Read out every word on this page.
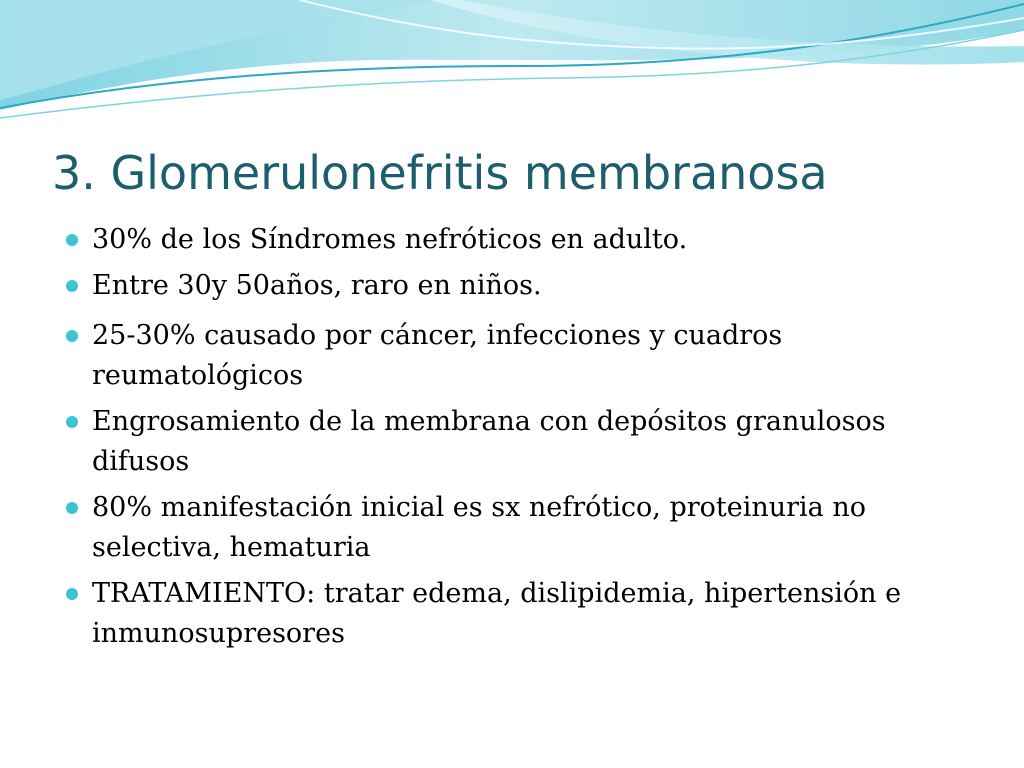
3. Glomerulonefritis membranosa
30% de los Síndromes nefróticos en adulto.
Entre 30y 50años, raro en niños.
25-30% causado por cáncer, infecciones y cuadros reumatológicos
Engrosamiento de la membrana con depósitos granulosos difusos
80% manifestación inicial es sx nefrótico, proteinuria no selectiva, hematuria
TRATAMIENTO: tratar edema, dislipidemia, hipertensión e inmunosupresores
